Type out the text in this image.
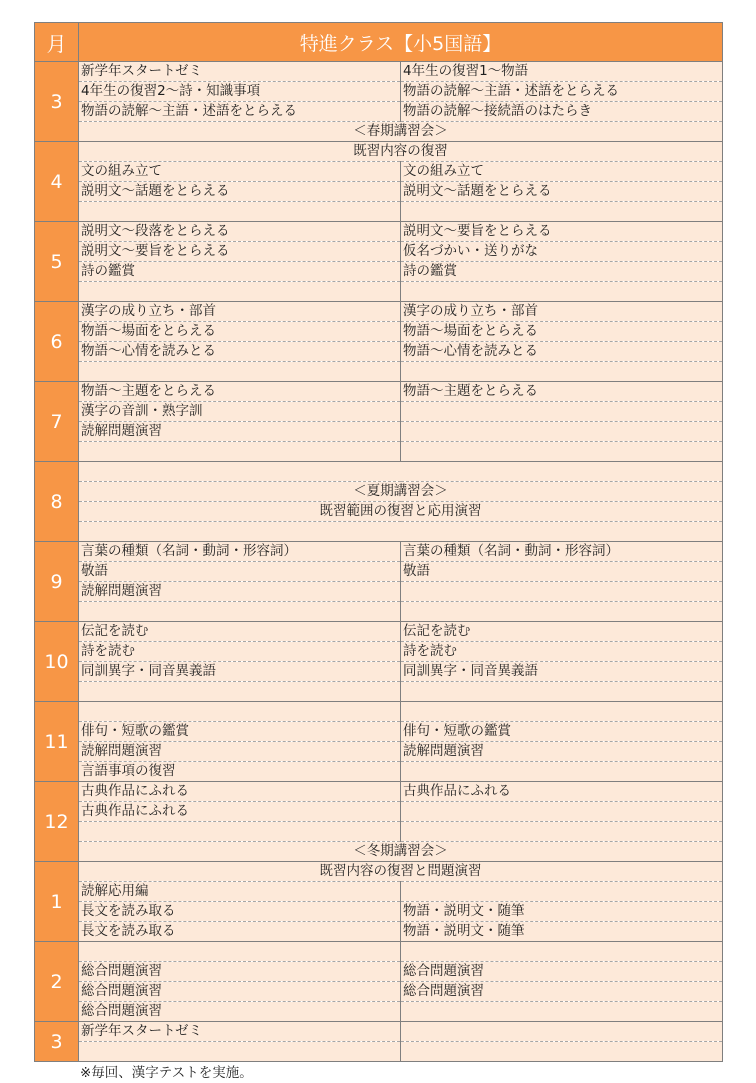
月	特進クラス【小5国語】	
3	新学年スタートゼミ	4年生の復習1～物語
	4年生の復習2～詩・知識事項	物語の読解～主語・述語をとらえる
	物語の読解～主語・述語をとらえる	物語の読解～接続語のはたらき
	＜春期講習会＞	
4	既習内容の復習	
	文の組み立て	文の組み立て
	説明文～話題をとらえる	説明文～話題をとらえる

5	説明文～段落をとらえる	説明文～要旨をとらえる
	説明文～要旨をとらえる	仮名づかい・送りがな
	詩の鑑賞	詩の鑑賞

6	漢字の成り立ち・部首	漢字の成り立ち・部首
	物語～場面をとらえる	物語～場面をとらえる
	物語～心情を読みとる	物語～心情を読みとる

7	物語～主題をとらえる	物語～主題をとらえる
	漢字の音訓・熟字訓	
	読解問題演習	

8		
	＜夏期講習会＞	
	既習範囲の復習と応用演習	

9	言葉の種類（名詞・動詞・形容詞）	言葉の種類（名詞・動詞・形容詞）
	敬語	敬語
	読解問題演習	

10	伝記を読む	伝記を読む
	詩を読む	詩を読む
	同訓異字・同音異義語	同訓異字・同音異義語

11		
	俳句・短歌の鑑賞	俳句・短歌の鑑賞
	読解問題演習	読解問題演習
	言語事項の復習	
12	古典作品にふれる	古典作品にふれる
	古典作品にふれる	

	＜冬期講習会＞	
1	既習内容の復習と問題演習	
	読解応用編	
	長文を読み取る	物語・説明文・随筆
	長文を読み取る	物語・説明文・随筆
2		
	総合問題演習	総合問題演習
	総合問題演習	総合問題演習
	総合問題演習	
3	新学年スタートゼミ	

※毎回、漢字テストを実施。
